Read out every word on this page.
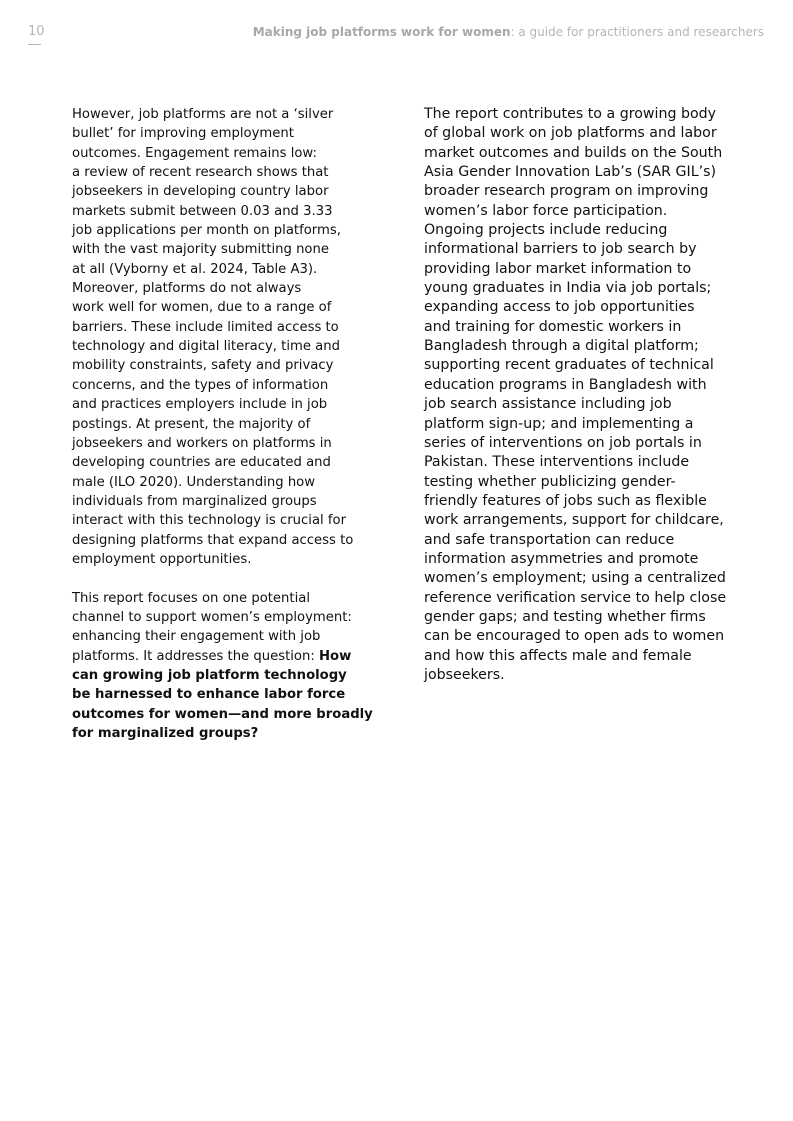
10	Making job platforms work for women: a guide for practitioners and researchers
However, job platforms are not a ‘silver
bullet’ for improving employment
outcomes. Engagement remains low:
a review of recent research shows that
jobseekers in developing country labor
markets submit between 0.03 and 3.33
job applications per month on platforms,
with the vast majority submitting none
at all (Vyborny et al. 2024, Table A3).
Moreover, platforms do not always
work well for women, due to a range of
barriers. These include limited access to
technology and digital literacy, time and
mobility constraints, safety and privacy
concerns, and the types of information
and practices employers include in job
postings. At present, the majority of
jobseekers and workers on platforms in
developing countries are educated and
male (ILO 2020). Understanding how
individuals from marginalized groups
interact with this technology is crucial for
designing platforms that expand access to
employment opportunities.
This report focuses on one potential
channel to support women’s employment:
enhancing their engagement with job
platforms. It addresses the question: How
can growing job platform technology
be harnessed to enhance labor force
outcomes for women—and more broadly
for marginalized groups?
The report contributes to a growing body
of global work on job platforms and labor
market outcomes and builds on the South
Asia Gender Innovation Lab’s (SAR GIL’s)
broader research program on improving
women’s labor force participation.
Ongoing projects include reducing
informational barriers to job search by
providing labor market information to
young graduates in India via job portals;
expanding access to job opportunities
and training for domestic workers in
Bangladesh through a digital platform;
supporting recent graduates of technical
education programs in Bangladesh with
job search assistance including job
platform sign-up; and implementing a
series of interventions on job portals in
Pakistan. These interventions include
testing whether publicizing gender-
friendly features of jobs such as flexible
work arrangements, support for childcare,
and safe transportation can reduce
information asymmetries and promote
women’s employment; using a centralized
reference verification service to help close
gender gaps; and testing whether firms
can be encouraged to open ads to women
and how this affects male and female
jobseekers.
